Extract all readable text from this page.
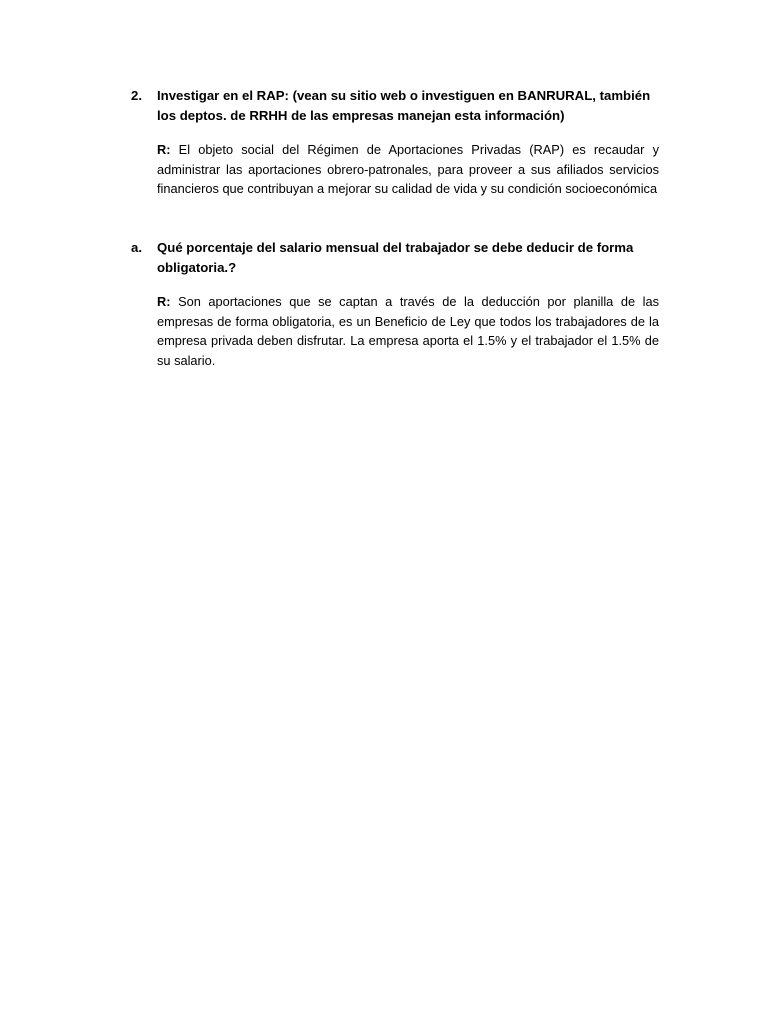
2. Investigar en el RAP: (vean su sitio web o investiguen en BANRURAL, también los deptos. de RRHH de las empresas manejan esta información)

R: El objeto social del Régimen de Aportaciones Privadas (RAP) es recaudar y administrar las aportaciones obrero-patronales, para proveer a sus afiliados servicios financieros que contribuyan a mejorar su calidad de vida y su condición socioeconómica

a. Qué porcentaje del salario mensual del trabajador se debe deducir de forma obligatoria.?

R: Son aportaciones que se captan a través de la deducción por planilla de las empresas de forma obligatoria, es un Beneficio de Ley que todos los trabajadores de la empresa privada deben disfrutar. La empresa aporta el 1.5% y el trabajador el 1.5% de su salario.
